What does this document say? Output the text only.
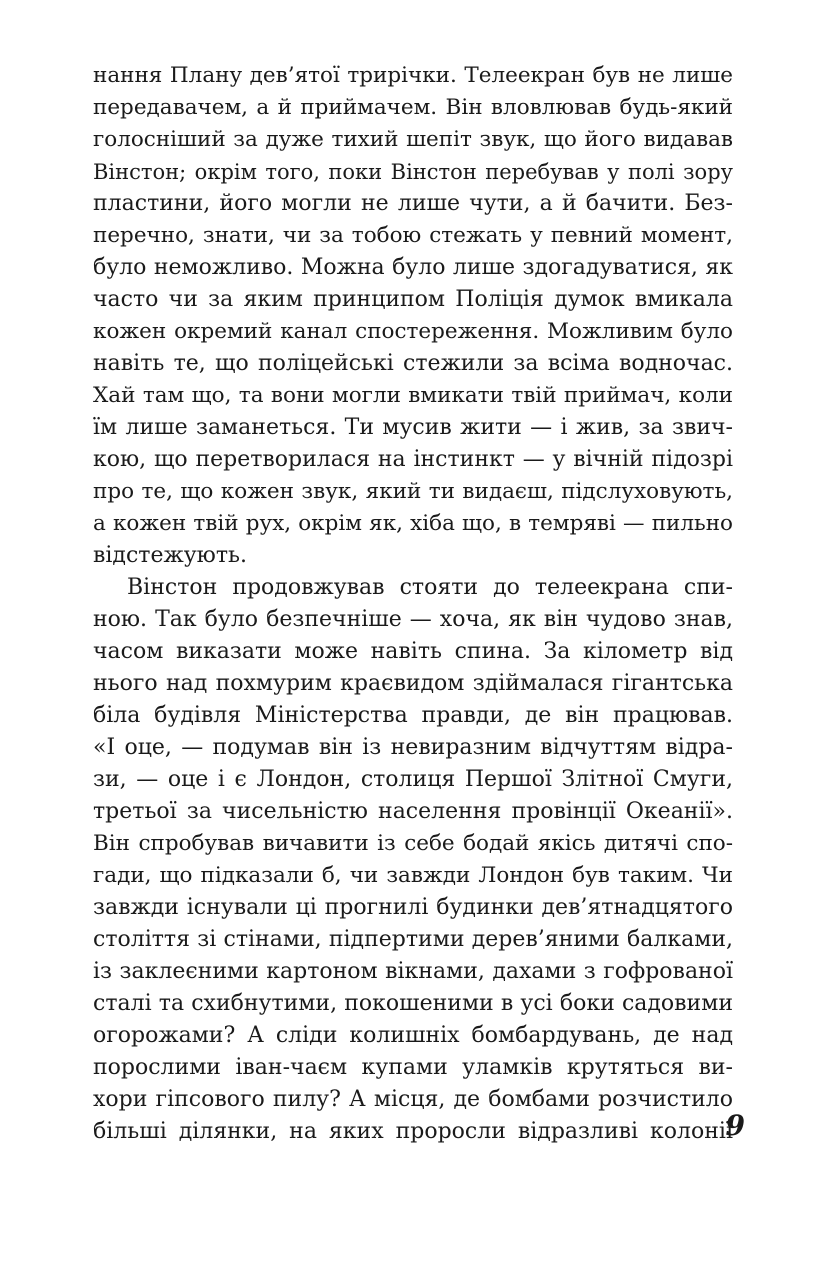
нання Плану дев’ятої трирічки. Телеекран був не лише
передавачем, а й приймачем. Він вловлював будь-який
голосніший за дуже тихий шепіт звук, що його видавав
Вінстон; окрім того, поки Вінстон перебував у полі зору
пластини, його могли не лише чути, а й бачити. Без-
перечно, знати, чи за тобою стежать у певний момент,
було неможливо. Можна було лише здогадуватися, як
часто чи за яким принципом Поліція думок вмикала
кожен окремий канал спостереження. Можливим було
навіть те, що поліцейські стежили за всіма водночас.
Хай там що, та вони могли вмикати твій приймач, коли
їм лише заманеться. Ти мусив жити — і жив, за звич-
кою, що перетворилася на інстинкт — у вічній підозрі
про те, що кожен звук, який ти видаєш, підслуховують,
а кожен твій рух, окрім як, хіба що, в темряві — пильно
відстежують.
Вінстон продовжував стояти до телеекрана спи-
ною. Так було безпечніше — хоча, як він чудово знав,
часом виказати може навіть спина. За кілометр від
нього над похмурим краєвидом здіймалася гігантська
біла будівля Міністерства правди, де він працював.
«І оце, — подумав він із невиразним відчуттям відра-
зи, — оце і є Лондон, столиця Першої Злітної Смуги,
третьої за чисельністю населення провінції Океанії».
Він спробував вичавити із себе бодай якісь дитячі спо-
гади, що підказали б, чи завжди Лондон був таким. Чи
завжди існували ці прогнилі будинки дев’ятнадцятого
століття зі стінами, підпертими дерев’яними балками,
із заклеєними картоном вікнами, дахами з гофрованої
сталі та схибнутими, покошеними в усі боки садовими
огорожами? А сліди колишніх бомбардувань, де над
порослими іван-чаєм купами уламків крутяться ви-
хори гіпсового пилу? А місця, де бомбами розчистило
більші ділянки, на яких проросли відразливі колонії
9
